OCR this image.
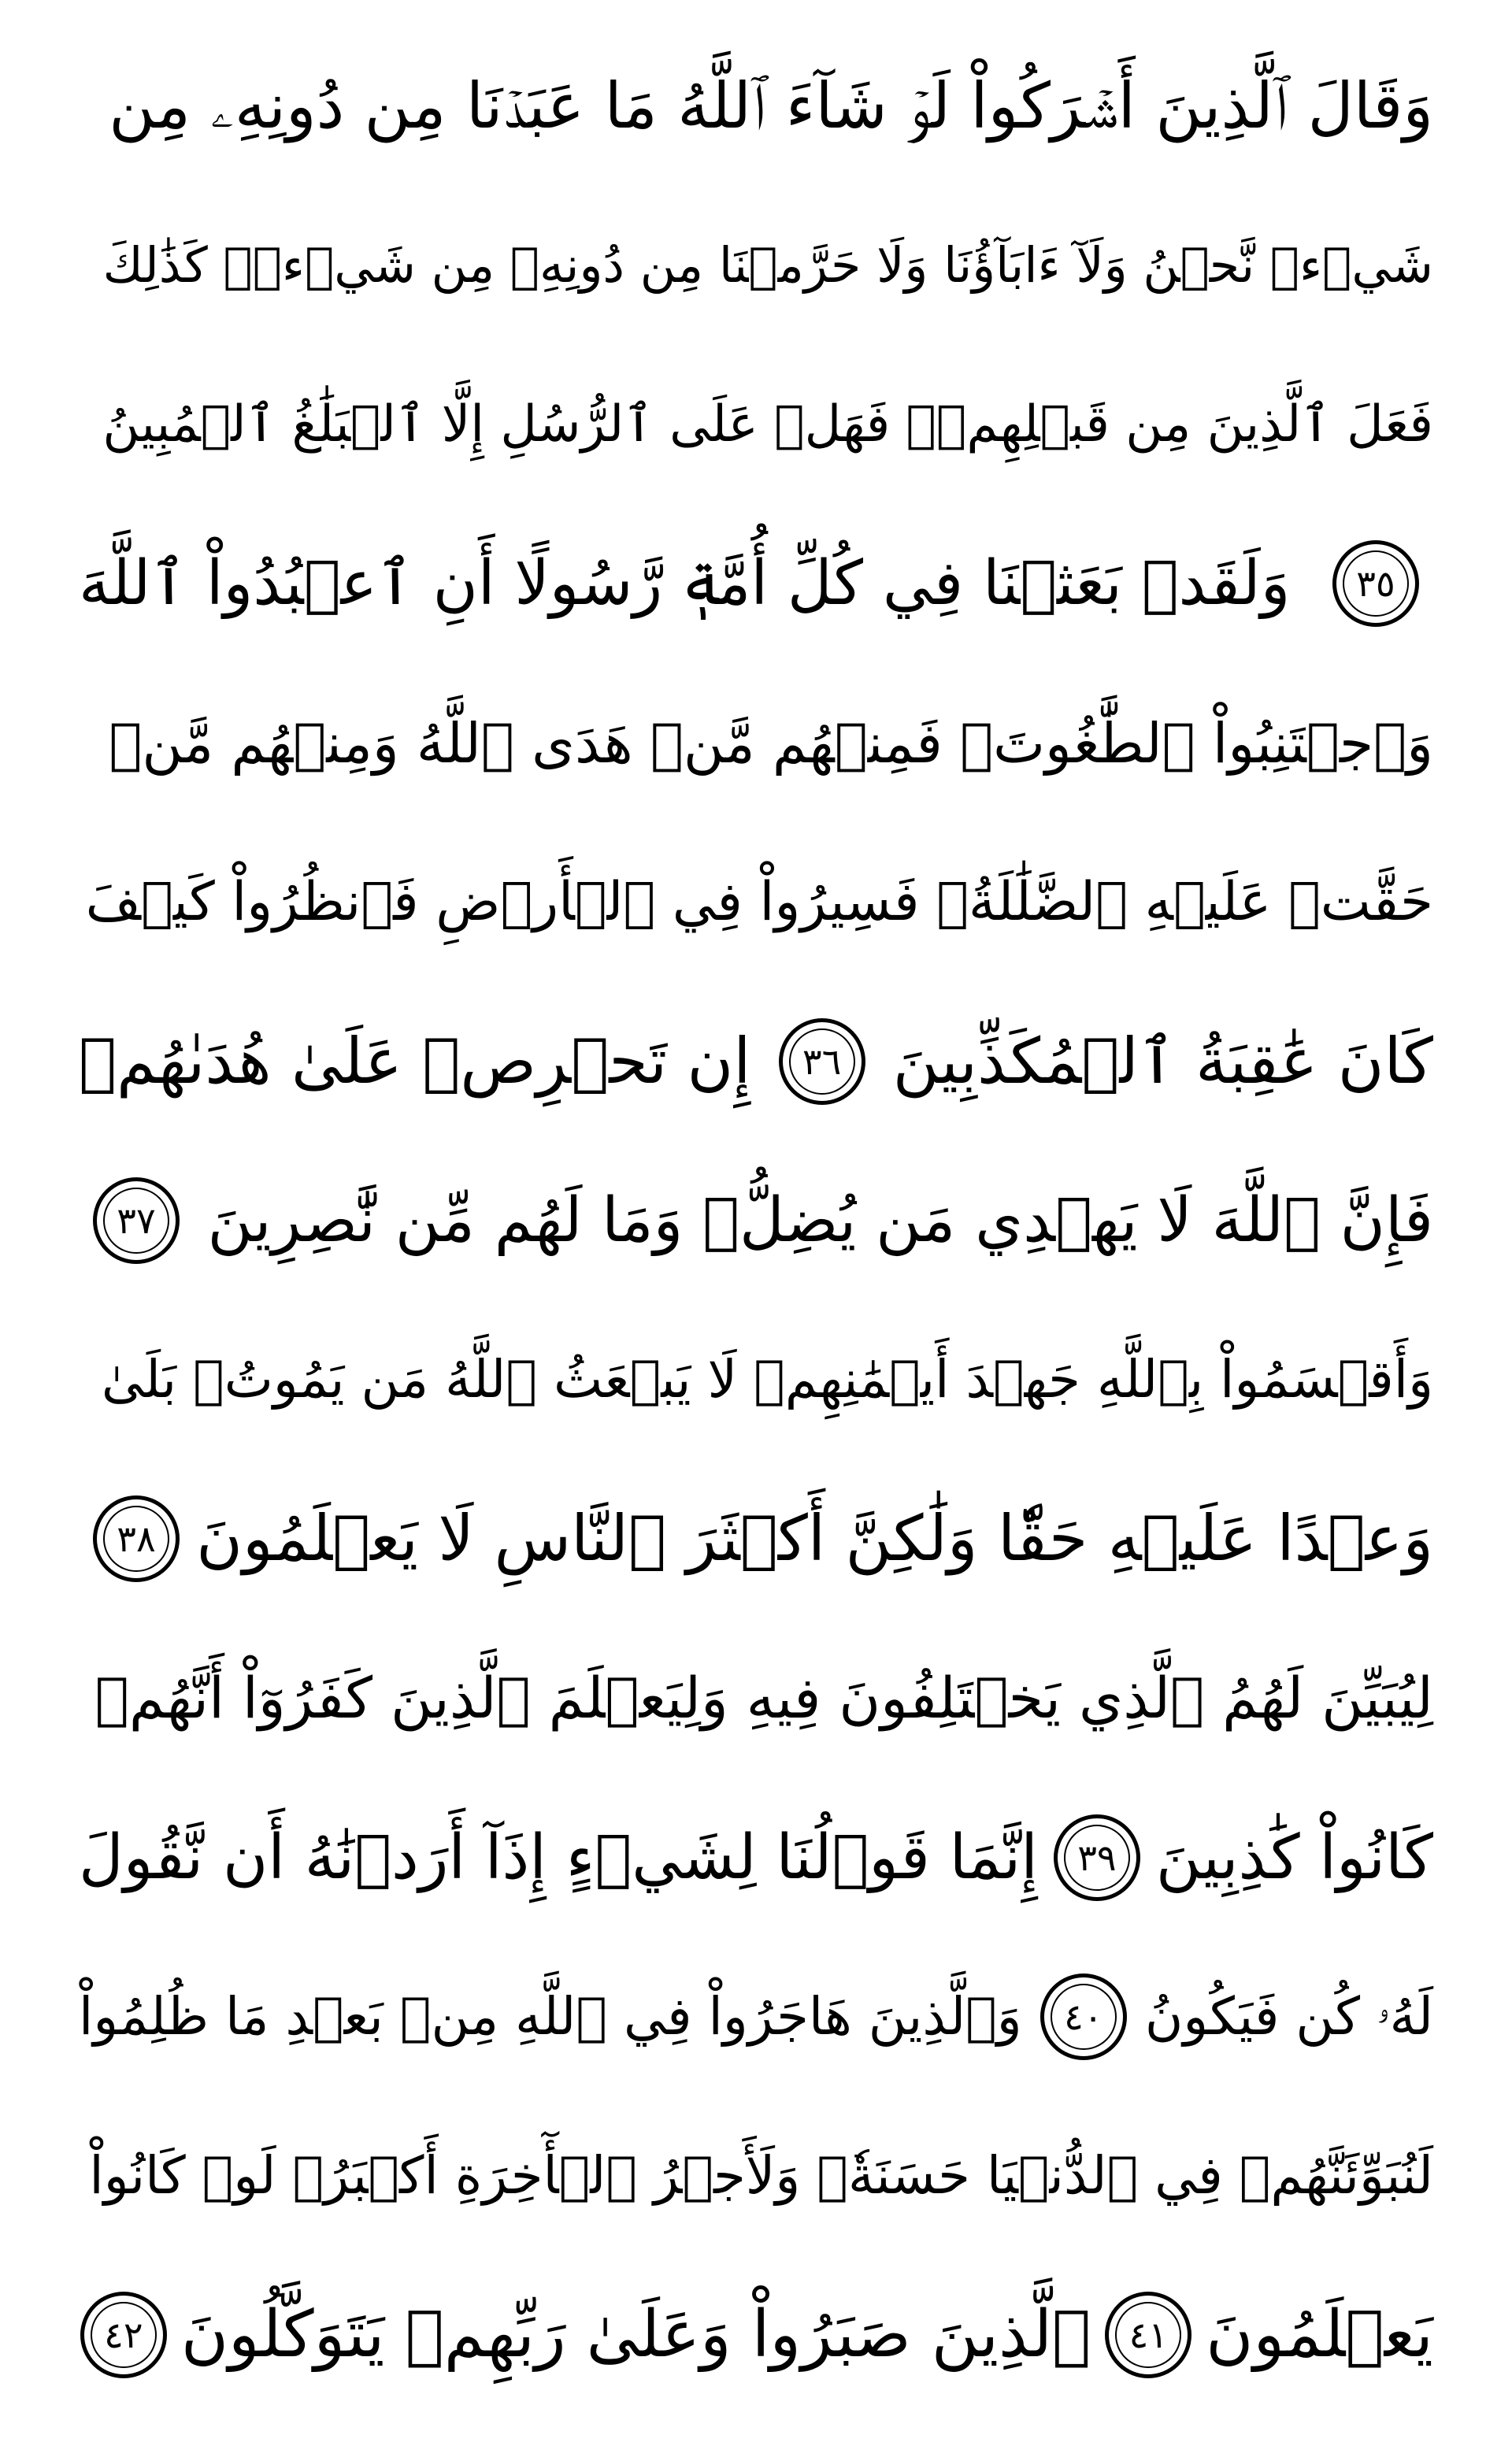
وَقَالَ ٱلَّذِينَ أَشۡرَكُواْ لَوۡ شَآءَ ٱللَّهُ مَا عَبَدۡنَا مِن دُونِهِۦ مِن
شَيۡءٖ نَّحۡنُ وَلَآ ءَابَآؤُنَا وَلَا حَرَّمۡنَا مِن دُونِهِۦ مِن شَيۡءٖۚ كَذَٰلِكَ
فَعَلَ ٱلَّذِينَ مِن قَبۡلِهِمۡۚ فَهَلۡ عَلَى ٱلرُّسُلِ إِلَّا ٱلۡبَلَٰغُ ٱلۡمُبِينُ
٣٥
وَلَقَدۡ بَعَثۡنَا فِي كُلِّ أُمَّةٖ رَّسُولًا أَنِ ٱعۡبُدُواْ ٱللَّهَ
وَٱجۡتَنِبُواْ ٱلطَّٰغُوتَۖ فَمِنۡهُم مَّنۡ هَدَى ٱللَّهُ وَمِنۡهُم مَّنۡ
حَقَّتۡ عَلَيۡهِ ٱلضَّلَٰلَةُۚ فَسِيرُواْ فِي ٱلۡأَرۡضِ فَٱنظُرُواْ كَيۡفَ
كَانَ عَٰقِبَةُ ٱلۡمُكَذِّبِينَ
٣٦
إِن تَحۡرِصۡ عَلَىٰ هُدَىٰهُمۡ
فَإِنَّ ٱللَّهَ لَا يَهۡدِي مَن يُضِلُّۖ وَمَا لَهُم مِّن نَّٰصِرِينَ
٣٧
وَأَقۡسَمُواْ بِٱللَّهِ جَهۡدَ أَيۡمَٰنِهِمۡ لَا يَبۡعَثُ ٱللَّهُ مَن يَمُوتُۚ بَلَىٰ
وَعۡدًا عَلَيۡهِ حَقّٗا وَلَٰكِنَّ أَكۡثَرَ ٱلنَّاسِ لَا يَعۡلَمُونَ
٣٨
لِيُبَيِّنَ لَهُمُ ٱلَّذِي يَخۡتَلِفُونَ فِيهِ وَلِيَعۡلَمَ ٱلَّذِينَ كَفَرُوٓاْ أَنَّهُمۡ
كَانُواْ كَٰذِبِينَ
٣٩
إِنَّمَا قَوۡلُنَا لِشَيۡءٍ إِذَآ أَرَدۡنَٰهُ أَن نَّقُولَ
لَهُۥ كُن فَيَكُونُ
٤٠
وَٱلَّذِينَ هَاجَرُواْ فِي ٱللَّهِ مِنۢ بَعۡدِ مَا ظُلِمُواْ
لَنُبَوِّئَنَّهُمۡ فِي ٱلدُّنۡيَا حَسَنَةٗۖ وَلَأَجۡرُ ٱلۡأٓخِرَةِ أَكۡبَرُۚ لَوۡ كَانُواْ
يَعۡلَمُونَ
٤١
ٱلَّذِينَ صَبَرُواْ وَعَلَىٰ رَبِّهِمۡ يَتَوَكَّلُونَ
٤٢
